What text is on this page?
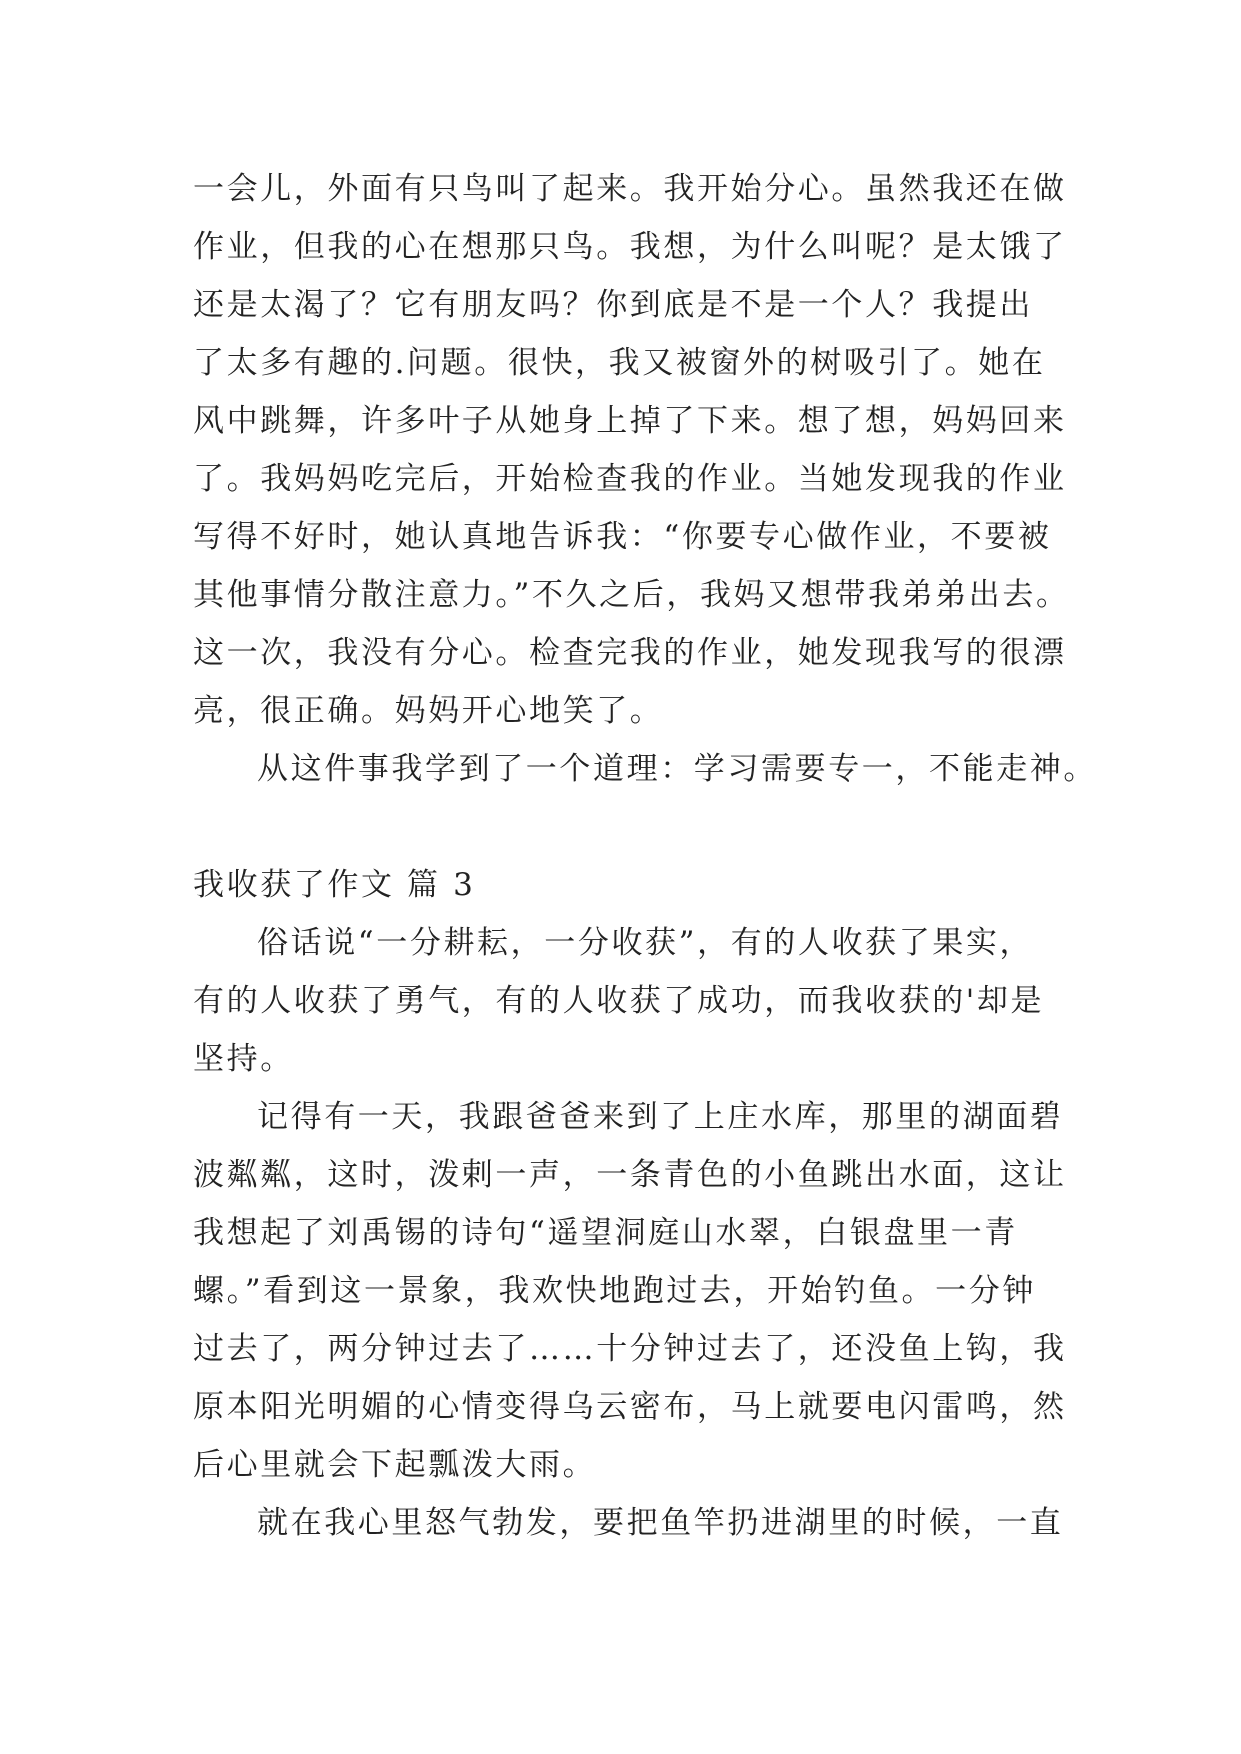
一会儿，外面有只鸟叫了起来。我开始分心。虽然我还在做
作业，但我的心在想那只鸟。我想，为什么叫呢？是太饿了
还是太渴了？它有朋友吗？你到底是不是一个人？我提出
了太多有趣的.问题。很快，我又被窗外的树吸引了。她在
风中跳舞，许多叶子从她身上掉了下来。想了想，妈妈回来
了。我妈妈吃完后，开始检查我的作业。当她发现我的作业
写得不好时，她认真地告诉我：“你要专心做作业，不要被
其他事情分散注意力。”不久之后，我妈又想带我弟弟出去。
这一次，我没有分心。检查完我的作业，她发现我写的很漂
亮，很正确。妈妈开心地笑了。
从这件事我学到了一个道理：学习需要专一，不能走神。
我收获了作文 篇 3
俗话说“一分耕耘，一分收获”，有的人收获了果实，
有的人收获了勇气，有的人收获了成功，而我收获的'却是
坚持。
记得有一天，我跟爸爸来到了上庄水库，那里的湖面碧
波粼粼，这时，泼剌一声，一条青色的小鱼跳出水面，这让
我想起了刘禹锡的诗句“遥望洞庭山水翠，白银盘里一青
螺。”看到这一景象，我欢快地跑过去，开始钓鱼。一分钟
过去了，两分钟过去了……十分钟过去了，还没鱼上钩，我
原本阳光明媚的心情变得乌云密布，马上就要电闪雷鸣，然
后心里就会下起瓢泼大雨。
就在我心里怒气勃发，要把鱼竿扔进湖里的时候，一直
